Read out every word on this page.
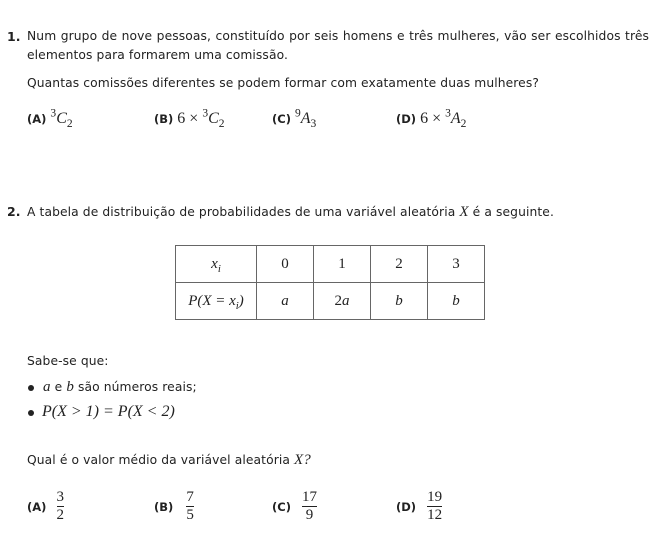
1. Num grupo de nove pessoas, constituído por seis homens e três mulheres, vão ser escolhidos três
elementos para formarem uma comissão.
Quantas comissões diferentes se podem formar com exatamente duas mulheres?
(A) $^3C_2$	(B) $6 \times ^3C_2$	(C) $^9A_3$	(D) $6 \times ^3A_2$
2. A tabela de distribuição de probabilidades de uma variável aleatória X é a seguinte.
$x_i$	0	1	2	3
$P(X = x_i)$	a	2a	b	b
Sabe-se que:
a e b são números reais;
P(X > 1) = P(X < 2)
Qual é o valor médio da variável aleatória X?
$(A) \frac{3}{2}$	$(B) \frac{7}{5}$	$(C) \frac{17}{9}$	$(D) \frac{19}{12}$
